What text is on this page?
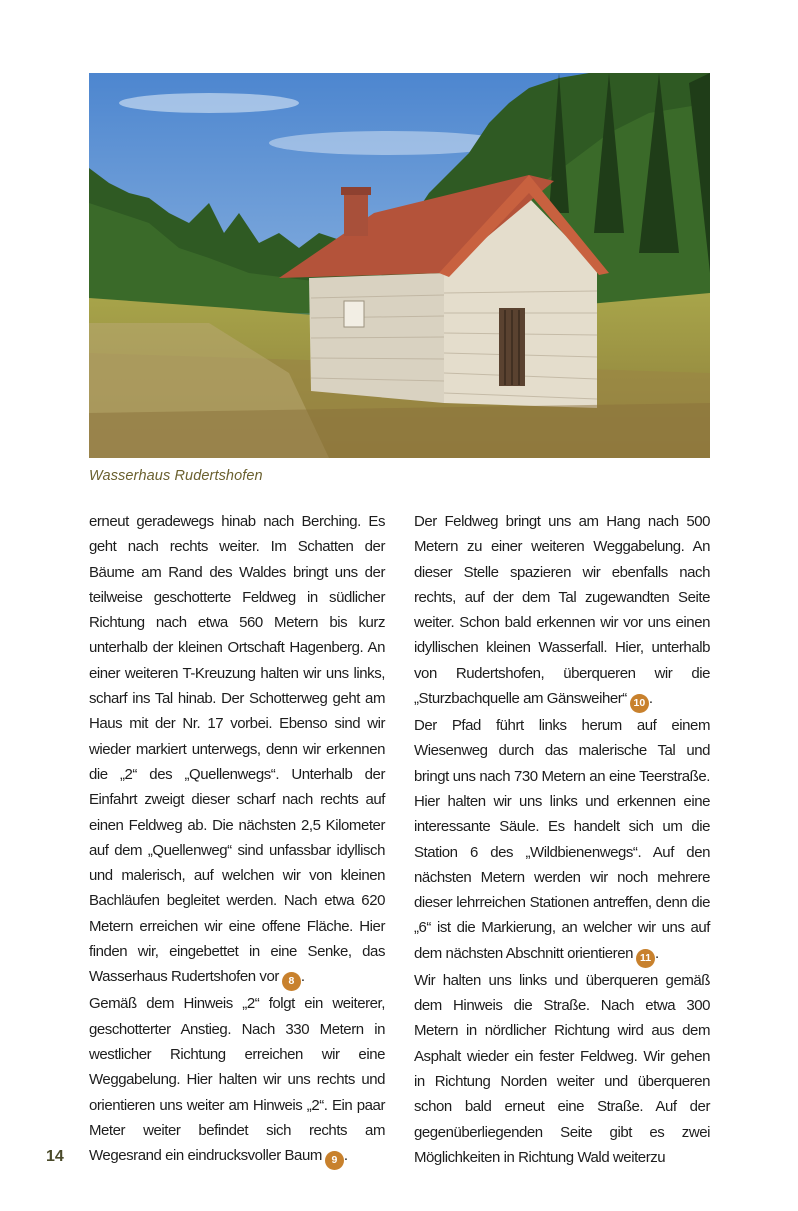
Wasserhaus Rudertshofen

erneut geradewegs hinab nach Berching. Es geht nach rechts weiter. Im Schatten der Bäume am Rand des Waldes bringt uns der teilweise geschotterte Feldweg in südlicher Richtung nach etwa 560 Metern bis kurz unterhalb der kleinen Ortschaft Hagenberg. An einer weiteren T-Kreuzung halten wir uns links, scharf ins Tal hinab. Der Schotterweg geht am Haus mit der Nr. 17 vorbei. Ebenso sind wir wieder markiert unterwegs, denn wir erkennen die „2“ des „Quellenwegs“. Unterhalb der Einfahrt zweigt dieser scharf nach rechts auf einen Feldweg ab. Die nächsten 2,5 Kilometer auf dem „Quellenweg“ sind unfassbar idyllisch und malerisch, auf welchen wir von kleinen Bachläufen begleitet werden. Nach etwa 620 Metern erreichen wir eine offene Fläche. Hier finden wir, eingebettet in eine Senke, das Wasserhaus Rudertshofen vor 8 .

Gemäß dem Hinweis „2“ folgt ein weiterer, geschotterter Anstieg. Nach 330 Metern in westlicher Richtung erreichen wir eine Weggabelung. Hier halten wir uns rechts und orientieren uns weiter am Hinweis „2“. Ein paar Meter weiter befindet sich rechts am Wegesrand ein eindrucksvoller Baum 9 .

Der Feldweg bringt uns am Hang nach 500 Metern zu einer weiteren Weggabelung. An dieser Stelle spazieren wir ebenfalls nach rechts, auf der dem Tal zugewandten Seite weiter. Schon bald erkennen wir vor uns einen idyllischen kleinen Wasserfall. Hier, unterhalb von Rudertshofen, überqueren wir die „Sturzbachquelle am Gänsweiher“ 10 .

Der Pfad führt links herum auf einem Wiesenweg durch das malerische Tal und bringt uns nach 730 Metern an eine Teerstraße. Hier halten wir uns links und erkennen eine interessante Säule. Es handelt sich um die Station 6 des „Wildbienenwegs“. Auf den nächsten Metern werden wir noch mehrere dieser lehrreichen Stationen antreffen, denn die „6“ ist die Markierung, an welcher wir uns auf dem nächsten Abschnitt orientieren 11 .

Wir halten uns links und überqueren gemäß dem Hinweis die Straße. Nach etwa 300 Metern in nördlicher Richtung wird aus dem Asphalt wieder ein fester Feldweg. Wir gehen in Richtung Norden weiter und überqueren schon bald erneut eine Straße. Auf der gegenüberliegenden Seite gibt es zwei Möglichkeiten in Richtung Wald weiterzu

14
